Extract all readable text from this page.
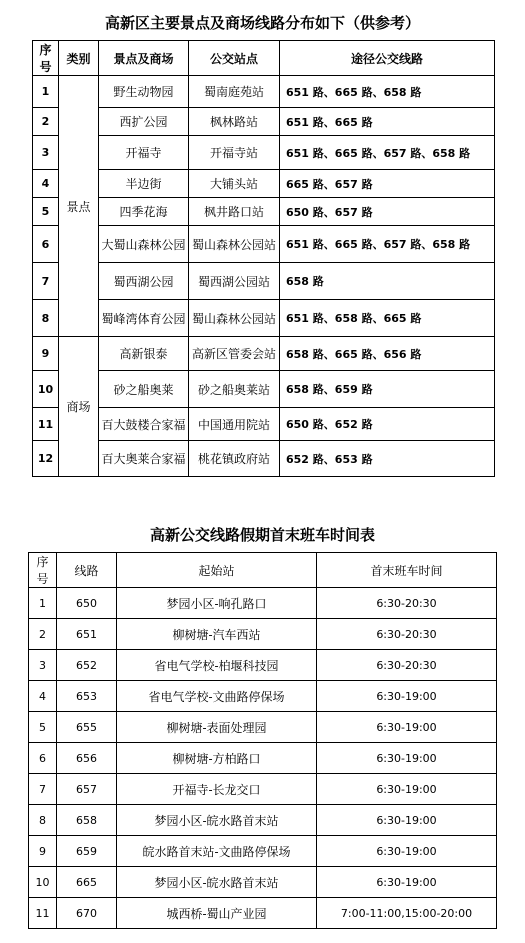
高新区主要景点及商场线路分布如下（供参考）
序号	类别	景点及商场	公交站点	途径公交线路
1	景点	野生动物园	蜀南庭苑站	651 路、665 路、658 路
2		西扩公园	枫林路站	651 路、665 路
3		开福寺	开福寺站	651 路、665 路、657 路、658 路
4		半边街	大铺头站	665 路、657 路
5		四季花海	枫井路口站	650 路、657 路
6		大蜀山森林公园	蜀山森林公园站	651 路、665 路、657 路、658 路
7		蜀西湖公园	蜀西湖公园站	658 路
8		蜀峰湾体育公园	蜀山森林公园站	651 路、658 路、665 路
9	商场	高新银泰	高新区管委会站	658 路、665 路、656 路
10		砂之船奥莱	砂之船奥莱站	658 路、659 路
11		百大鼓楼合家福	中国通用院站	650 路、652 路
12		百大奥莱合家福	桃花镇政府站	652 路、653 路
高新公交线路假期首末班车时间表
序号	线路	起始站	首末班车时间
1	650	梦园小区-响孔路口	6:30-20:30
2	651	柳树塘-汽车西站	6:30-20:30
3	652	省电气学校-柏堰科技园	6:30-20:30
4	653	省电气学校-文曲路停保场	6:30-19:00
5	655	柳树塘-表面处理园	6:30-19:00
6	656	柳树塘-方柏路口	6:30-19:00
7	657	开福寺-长龙交口	6:30-19:00
8	658	梦园小区-皖水路首末站	6:30-19:00
9	659	皖水路首末站-文曲路停保场	6:30-19:00
10	665	梦园小区-皖水路首末站	6:30-19:00
11	670	城西桥-蜀山产业园	7:00-11:00,15:00-20:00
